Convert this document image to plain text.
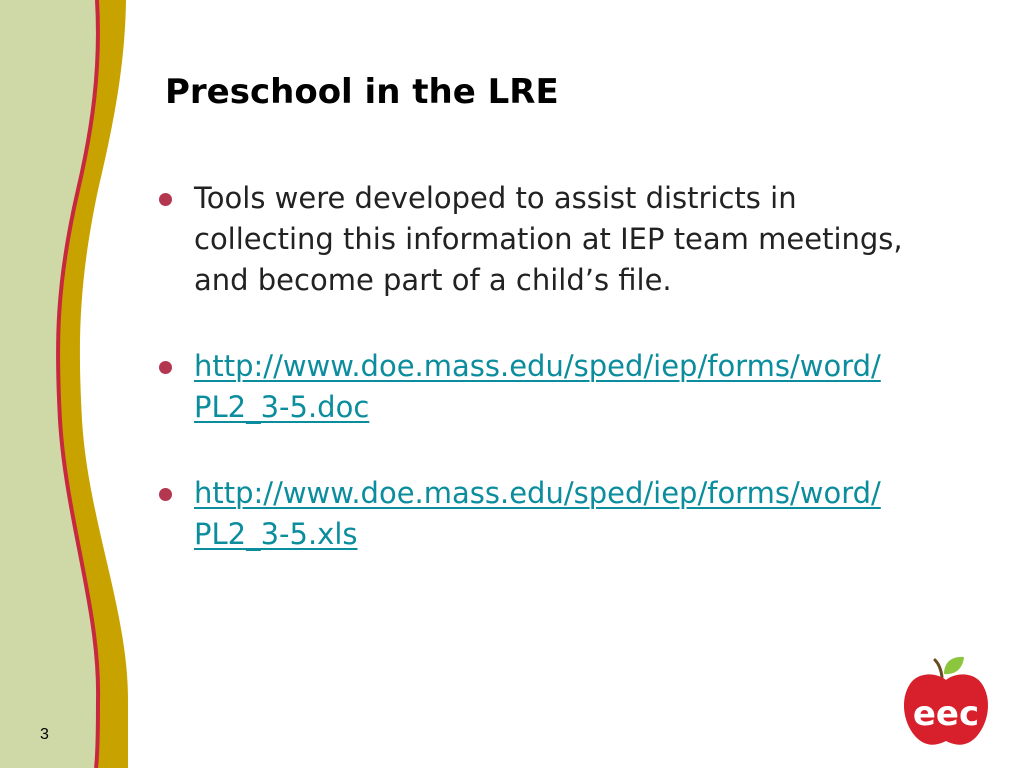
Preschool in the LRE
Tools were developed to assist districts in collecting this information at IEP team meetings, and become part of a child’s file.
http://www.doe.mass.edu/sped/iep/forms/word/PL2_3-5.doc
http://www.doe.mass.edu/sped/iep/forms/word/PL2_3-5.xls
3
eec
